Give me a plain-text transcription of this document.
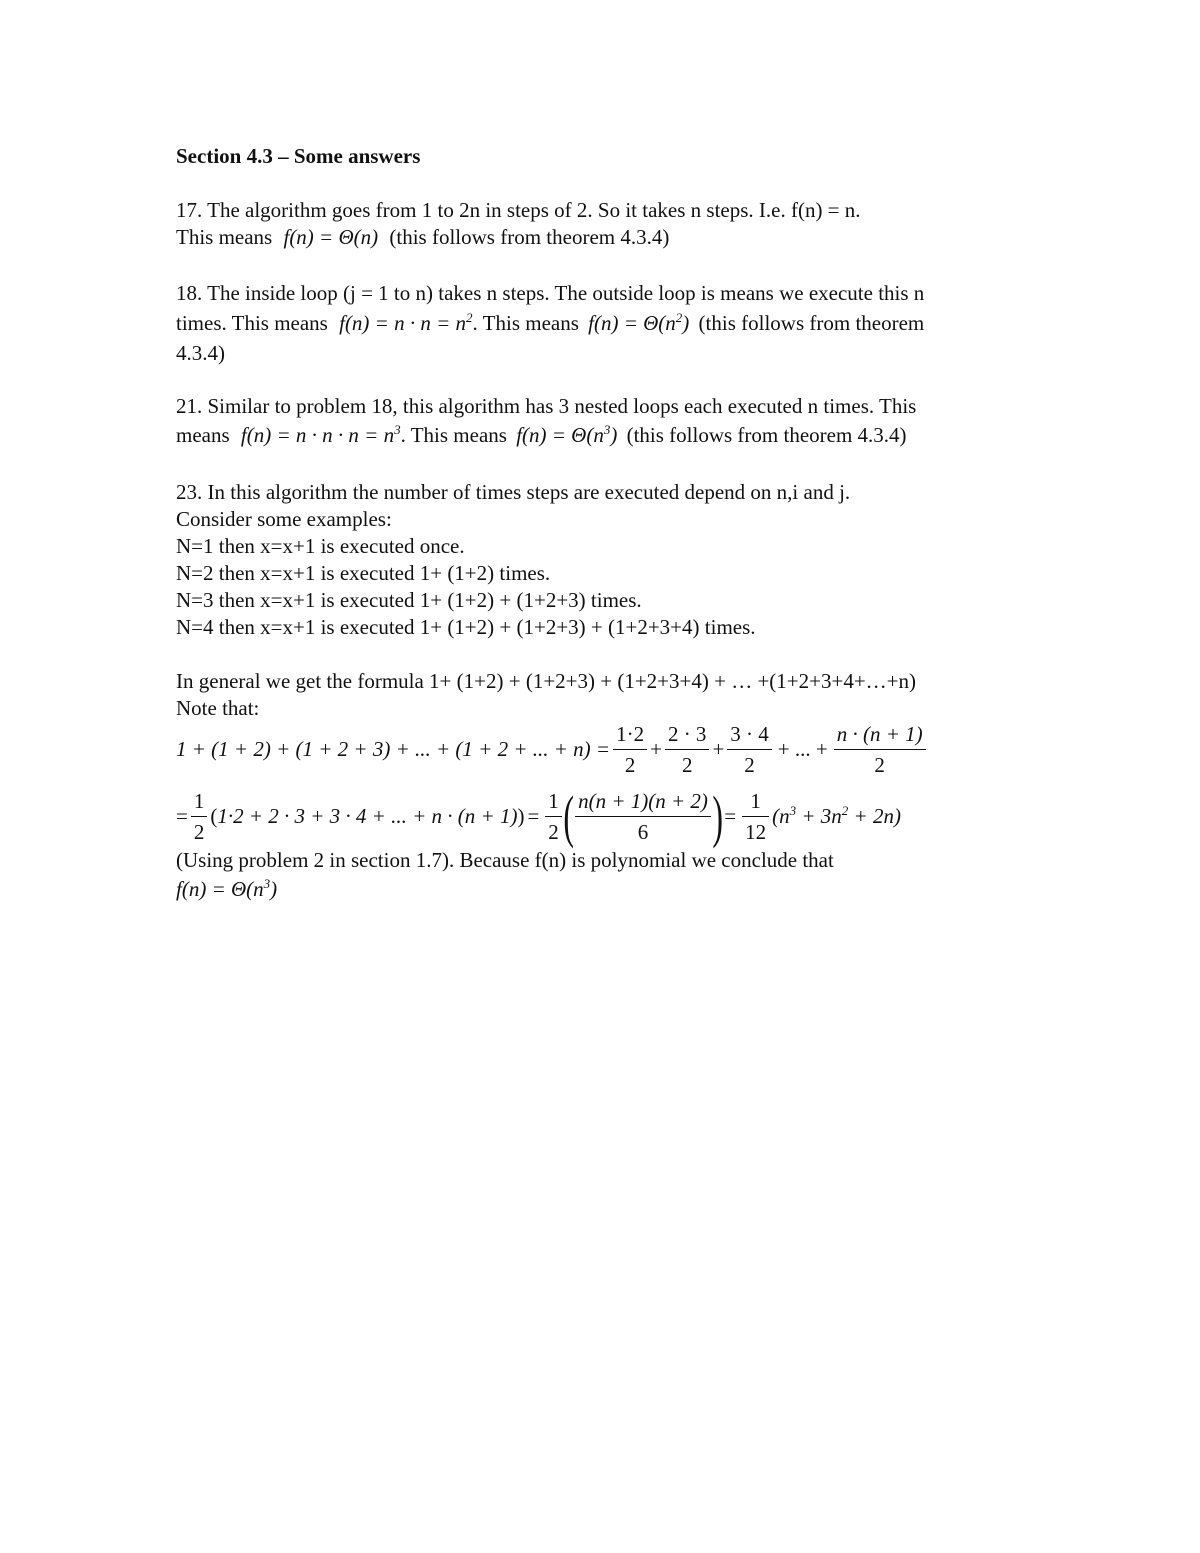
Section 4.3 – Some answers
17. The algorithm goes from 1 to 2n in steps of 2. So it takes n steps. I.e. f(n) = n.
This means f(n) = Θ(n) (this follows from theorem 4.3.4)
18. The inside loop (j = 1 to n) takes n steps. The outside loop is means we execute this n
times. This means $f(n) = n \cdot n = n^2$. This means $f(n) = \Theta(n^2)$ (this follows from theorem
4.3.4)
21. Similar to problem 18, this algorithm has 3 nested loops each executed n times. This
means $f(n) = n \cdot n \cdot n = n^3$. This means $f(n) = \Theta(n^3)$ (this follows from theorem 4.3.4)
23. In this algorithm the number of times steps are executed depend on n,i and j.
Consider some examples:
N=1 then x=x+1 is executed once.
N=2 then x=x+1 is executed 1+ (1+2) times.
N=3 then x=x+1 is executed 1+ (1+2) + (1+2+3) times.
N=4 then x=x+1 is executed 1+ (1+2) + (1+2+3) + (1+2+3+4) times.
In general we get the formula 1+ (1+2) + (1+2+3) + (1+2+3+4) + … +(1+2+3+4+…+n)
Note that:
1 + (1 + 2) + (1 + 2 + 3) + ... + (1 + 2 + ... + $n) = \frac{1\cdot 2}{2} + \frac{2 \cdot 3}{2} + \frac{3 \cdot 4}{2}$ + ... + $\frac{n \cdot (n + 1)}{2}$
= $\frac{1}{2}$ ( 1·2 + 2 · 3 + 3 · 4 + ... + n · (n + 1) ) = $\frac{1}{2}$ ( $\frac{n(n + 1)(n + 2)}{6}$ ) = $\frac{1}{12} (n^3 + 3n^2 + 2n)$
(Using problem 2 in section 1.7). Because f(n) is polynomial we conclude that
$f(n) = \Theta(n^3)$
